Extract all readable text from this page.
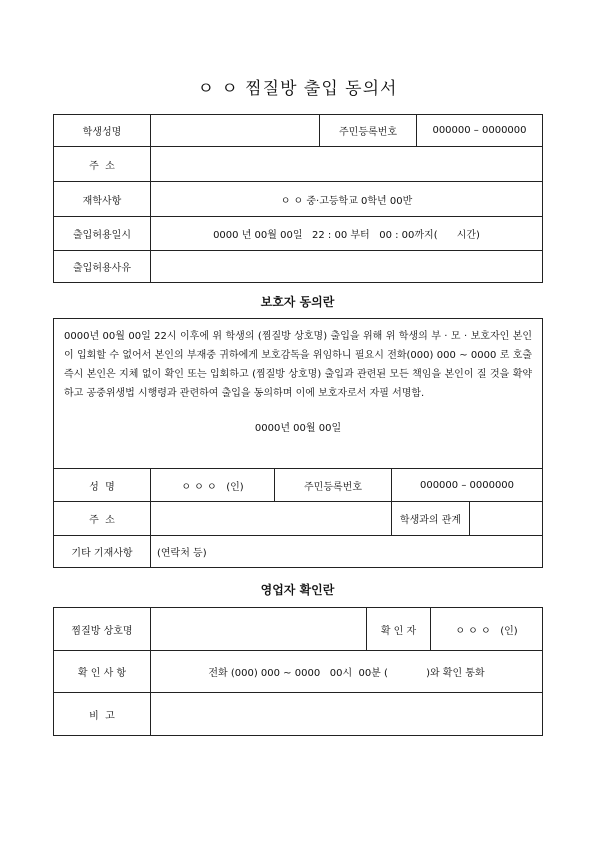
ㅇ ㅇ 찜질방 출입 동의서
학생성명		주민등록번호	000000 – 0000000
주  소			
재학사항	ㅇ ㅇ 중·고등학교 0학년 00반		
출입허용일시	0000 년 00월 00일   22 : 00 부터   00 : 00까지(      시간)		
출입허용사유			
보호자 동의란
0000년 00월 00일 22시 이후에 위 학생의 (찜질방 상호명) 출입을 위해 위 학생의 부 · 모 · 보호자인 본인이 입회할 수 없어서 본인의 부재중 귀하에게 보호감독을 위임하니 필요시 전화(000) 000 ~ 0000 로 호출즉시 본인은 지체 없이 확인 또는 입회하고 (찜질방 상호명) 출입과 관련된 모든 책임을 본인이 질 것을 확약하고 공중위생법 시행령과 관련하여 출입을 동의하며 이에 보호자로서 자필 서명함.
0000년 00월 00일				

성  명	ㅇ ㅇ ㅇ   (인)	주민등록번호	000000 – 0000000	
주  소			학생과의 관계	
기타 기재사항	(연락처 등)			
영업자 확인란
찜질방 상호명		확 인 자	ㅇ ㅇ ㅇ   (인)
확 인 사 항	전화 (000) 000 ~ 0000   00시  00분 (            )와 확인 통화		
비  고			
